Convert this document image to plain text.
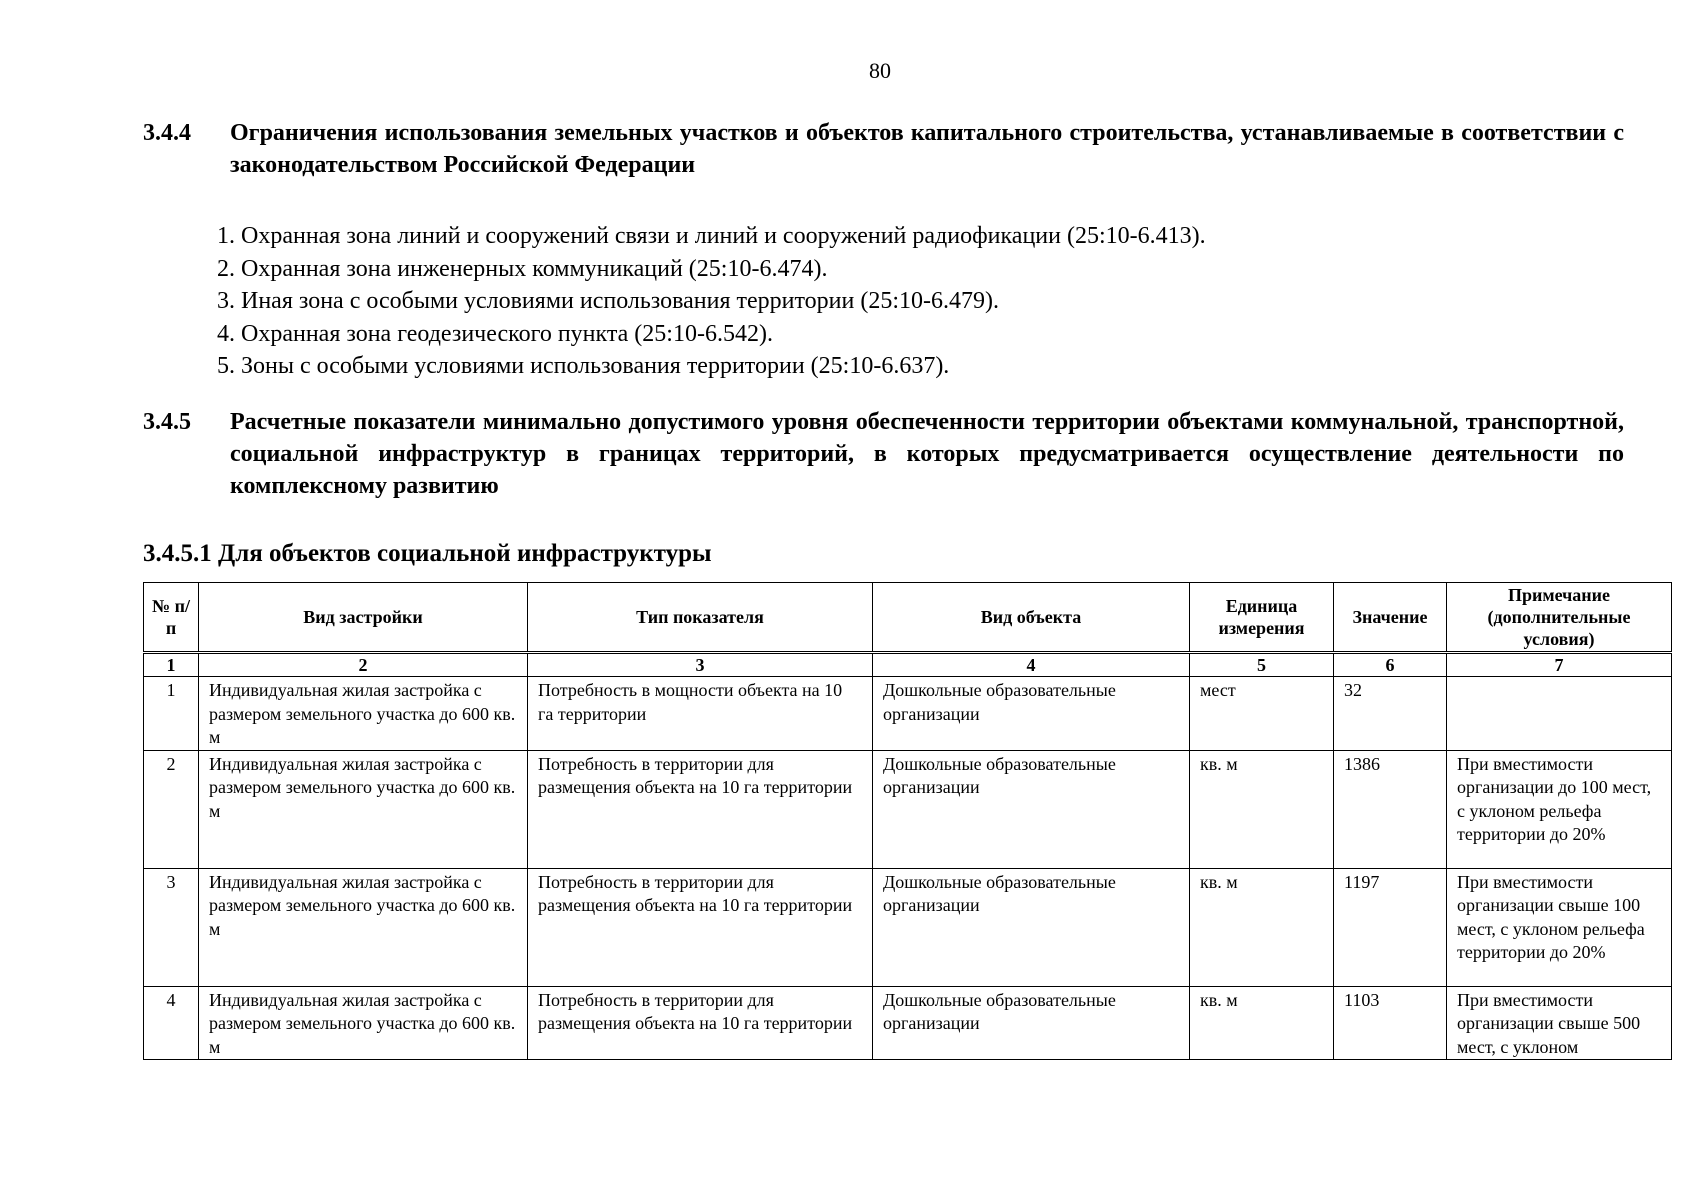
80
3.4.4	Ограничения использования земельных участков и объектов капитального строительства, устанавливаемые в соответствии с законодательством Российской Федерации
1. Охранная зона линий и сооружений связи и линий и сооружений радиофикации (25:10-6.413).
2. Охранная зона инженерных коммуникаций (25:10-6.474).
3. Иная зона с особыми условиями использования территории (25:10-6.479).
4. Охранная зона геодезического пункта (25:10-6.542).
5. Зоны с особыми условиями использования территории (25:10-6.637).
3.4.5	Расчетные показатели минимально допустимого уровня обеспеченности территории объектами коммунальной, транспортной, социальной инфраструктур в границах территорий, в которых предусматривается осуществление деятельности по комплексному развитию
3.4.5.1 Для объектов социальной инфраструктуры
№ п/п	Вид застройки	Тип показателя	Вид объекта	Единица измерения	Значение	Примечание (дополнительные условия)
1	2	3	4	5	6	7
1	Индивидуальная жилая застройка с размером земельного участка до 600 кв. м	Потребность в мощности объекта на 10 га территории	Дошкольные образовательные организации	мест	32	
2	Индивидуальная жилая застройка с размером земельного участка до 600 кв. м	Потребность в территории для размещения объекта на 10 га территории	Дошкольные образовательные организации	кв. м	1386	При вместимости организации до 100 мест, с уклоном рельефа территории до 20%
3	Индивидуальная жилая застройка с размером земельного участка до 600 кв. м	Потребность в территории для размещения объекта на 10 га территории	Дошкольные образовательные организации	кв. м	1197	При вместимости организации свыше 100 мест, с уклоном рельефа территории до 20%
4	Индивидуальная жилая застройка с размером земельного участка до 600 кв. м	Потребность в территории для размещения объекта на 10 га территории	Дошкольные образовательные организации	кв. м	1103	При вместимости организации свыше 500 мест, с уклоном
